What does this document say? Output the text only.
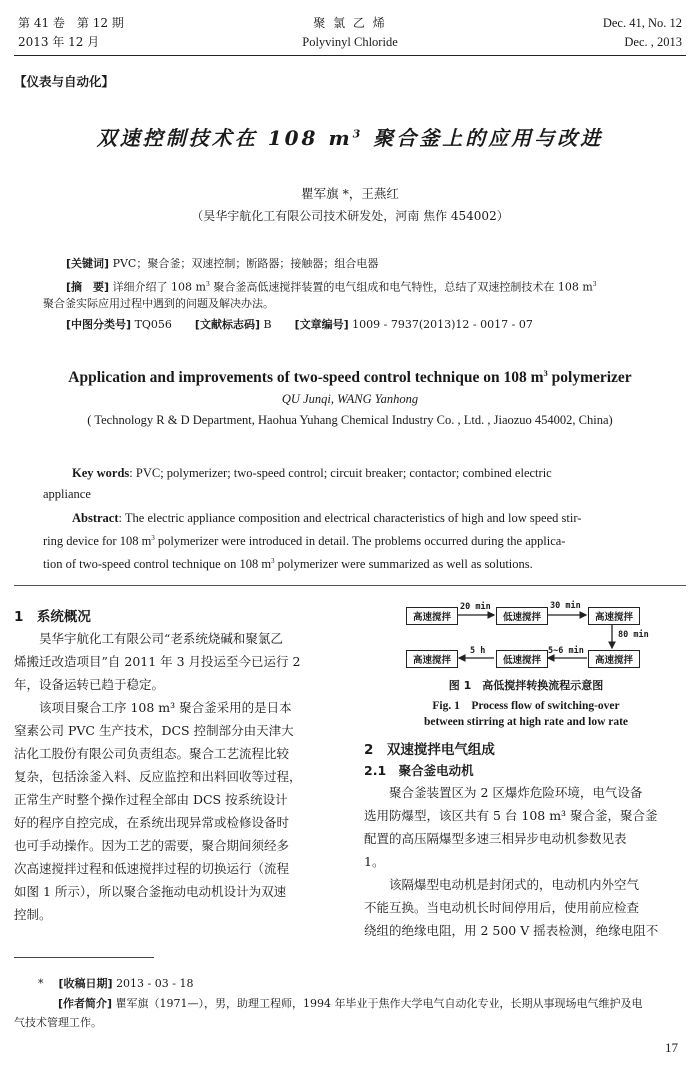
第 41 卷　第 12 期
2013 年 12 月
聚 氯 乙 烯
Polyvinyl Chloride
Dec. 41, No. 12
Dec. , 2013
【仪表与自动化】
双速控制技术在 108 $m^3$ 聚合釜上的应用与改进
瞿军旗 *，王燕红
（昊华宇航化工有限公司技术研发处，河南 焦作 454002）
[关键词] PVC；聚合釜；双速控制；断路器；接触器；组合电器
[摘　要] 详细介绍了 108 $m^3$ 聚合釜高低速搅拌装置的电气组成和电气特性，总结了双速控制技术在 108 $m^3$
聚合釜实际应用过程中遇到的问题及解决办法。
[中图分类号] TQ056 [文献标志码] B [文章编号] 1009 - 7937(2013)12 - 0017 - 07
Application and improvements of two-speed control technique on 108 $m^3$ polymerizer
QU Junqi, WANG Yanhong
( Technology R & D Department, Haohua Yuhang Chemical Industry Co. , Ltd. , Jiaozuo 454002, China)
Key words: PVC; polymerizer; two-speed control; circuit breaker; contactor; combined electric
appliance
Abstract: The electric appliance composition and electrical characteristics of high and low speed stir-
ring device for 108 $m^3$ polymerizer were introduced in detail. The problems occurred during the applica-
tion of two-speed control technique on 108 $m^3$ polymerizer were summarized as well as solutions.
1　系统概况
　　昊华宇航化工有限公司“老系统烧碱和聚氯乙
烯搬迁改造项目”自 2011 年 3 月投运至今已运行 2
年，设备运转已趋于稳定。
　　该项目聚合工序 108 m³ 聚合釜采用的是日本
窒素公司 PVC 生产技术，DCS 控制部分由天津大
沽化工股份有限公司负责组态。聚合工艺流程比较
复杂，包括涂釜入料、反应监控和出料回收等过程，
正常生产时整个操作过程全部由 DCS 按系统设计
好的程序自控完成，在系统出现异常或检修设备时
也可手动操作。因为工艺的需要，聚合期间须经多
次高速搅拌过程和低速搅拌过程的切换运行（流程
如图 1 所示），所以聚合釜拖动电动机设计为双速
控制。
高速搅拌	低速搅拌	高速搅拌
高速搅拌	低速搅拌	高速搅拌
20 min	30 min
80 min
5~6 min
5 h
图 1　高低搅拌转换流程示意图
Fig. 1　Process flow of switching-over
between stirring at high rate and low rate
2　双速搅拌电气组成
2.1　聚合釜电动机
　　聚合釜装置区为 2 区爆炸危险环境，电气设备
选用防爆型，该区共有 5 台 108 m³ 聚合釜，聚合釜
配置的高压隔爆型多速三相异步电动机参数见表
1。
　　该隔爆型电动机是封闭式的，电动机内外空气
不能互换。当电动机长时间停用后，使用前应检查
绕组的绝缘电阻，用 2 500 V 摇表检测，绝缘电阻不
* [收稿日期] 2013 - 03 - 18
[作者简介] 瞿军旗（1971—），男，助理工程师，1994 年毕业于焦作大学电气自动化专业，长期从事现场电气维护及电
气技术管理工作。
17
